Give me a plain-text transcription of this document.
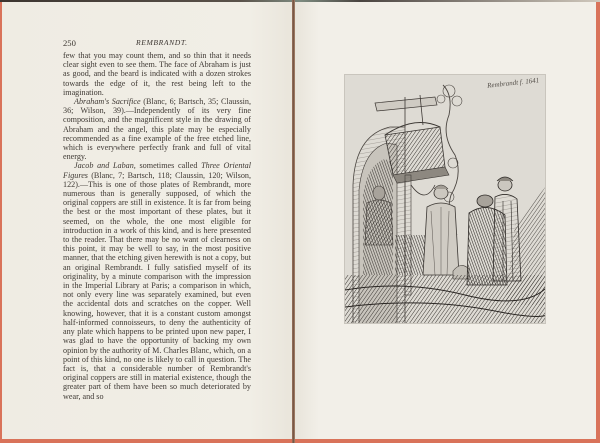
250	REMBRANDT.

few that you may count them, and so thin that it needs clear sight even to see them. The face of Abraham is just as good, and the beard is indicated with a dozen strokes towards the edge of it, the rest being left to the imagination.

Abraham's Sacrifice (Blanc, 6; Bartsch, 35; Claussin, 36; Wilson, 39).—Independently of its very fine composition, and the magnificent style in the drawing of Abraham and the angel, this plate may be especially recommended as a fine example of the free etched line, which is everywhere perfectly frank and full of vital energy.

Jacob and Laban, sometimes called Three Oriental Figures (Blanc, 7; Bartsch, 118; Claussin, 120; Wilson, 122).—This is one of those plates of Rembrandt, more numerous than is generally supposed, of which the original coppers are still in existence. It is far from being the best or the most important of these plates, but it seemed, on the whole, the one most eligible for introduction in a work of this kind, and is here presented to the reader. That there may be no want of clearness on this point, it may be well to say, in the most positive manner, that the etching given herewith is not a copy, but an original Rembrandt. I fully satisfied myself of its originality, by a minute comparison with the impression in the Imperial Library at Paris; a comparison in which, not only every line was separately examined, but even the accidental dots and scratches on the copper. Well knowing, however, that it is a constant custom amongst half-informed connoisseurs, to deny the authenticity of any plate which happens to be printed upon new paper, I was glad to have the opportunity of backing my own opinion by the authority of M. Charles Blanc, which, on a point of this kind, no one is likely to call in question. The fact is, that a considerable number of Rembrandt's original coppers are still in material existence, though the greater part of them have been so much deteriorated by wear, and so

Rembrandt f. 1641
